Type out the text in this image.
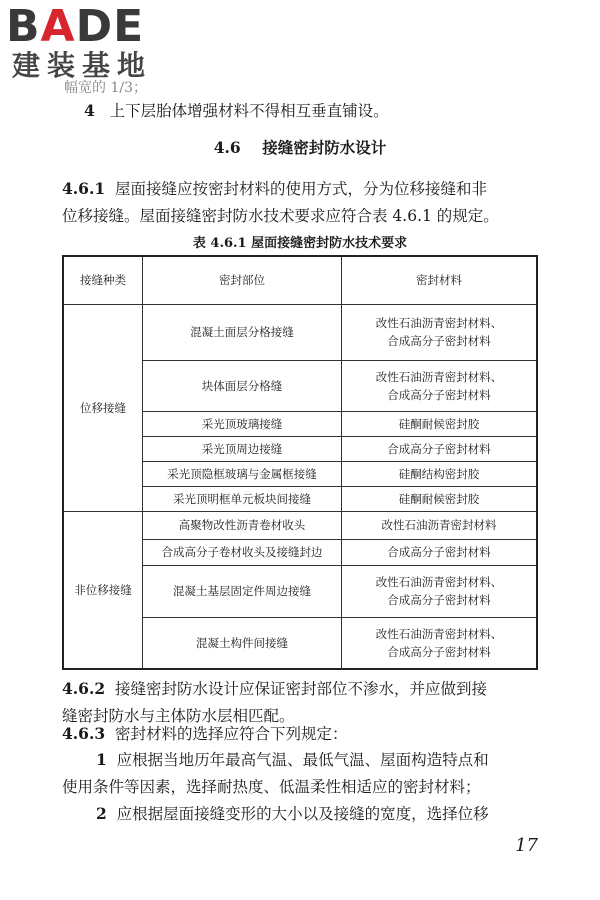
BADE
建装基地
幅宽的 1/3；
4 上下层胎体增强材料不得相互垂直铺设。
4.6 接缝密封防水设计
4.6.1 屋面接缝应按密封材料的使用方式，分为位移接缝和非
位移接缝。屋面接缝密封防水技术要求应符合表 4.6.1 的规定。
表 4.6.1 屋面接缝密封防水技术要求
接缝种类	密封部位	密封材料
位移接缝	混凝土面层分格接缝	改性石油沥青密封材料、
合成高分子密封材料

	块体面层分格缝	改性石油沥青密封材料、
合成高分子密封材料

	采光顶玻璃接缝	硅酮耐候密封胶
	采光顶周边接缝	合成高分子密封材料
	采光顶隐框玻璃与金属框接缝	硅酮结构密封胶
	采光顶明框单元板块间接缝	硅酮耐候密封胶
非位移接缝	高聚物改性沥青卷材收头	改性石油沥青密封材料
	合成高分子卷材收头及接缝封边	合成高分子密封材料
	混凝土基层固定件周边接缝	改性石油沥青密封材料、
合成高分子密封材料

	混凝土构件间接缝	改性石油沥青密封材料、
合成高分子密封材料
4.6.2 接缝密封防水设计应保证密封部位不渗水，并应做到接
缝密封防水与主体防水层相匹配。
4.6.3 密封材料的选择应符合下列规定：
1 应根据当地历年最高气温、最低气温、屋面构造特点和
使用条件等因素，选择耐热度、低温柔性相适应的密封材料；
2 应根据屋面接缝变形的大小以及接缝的宽度，选择位移
17
